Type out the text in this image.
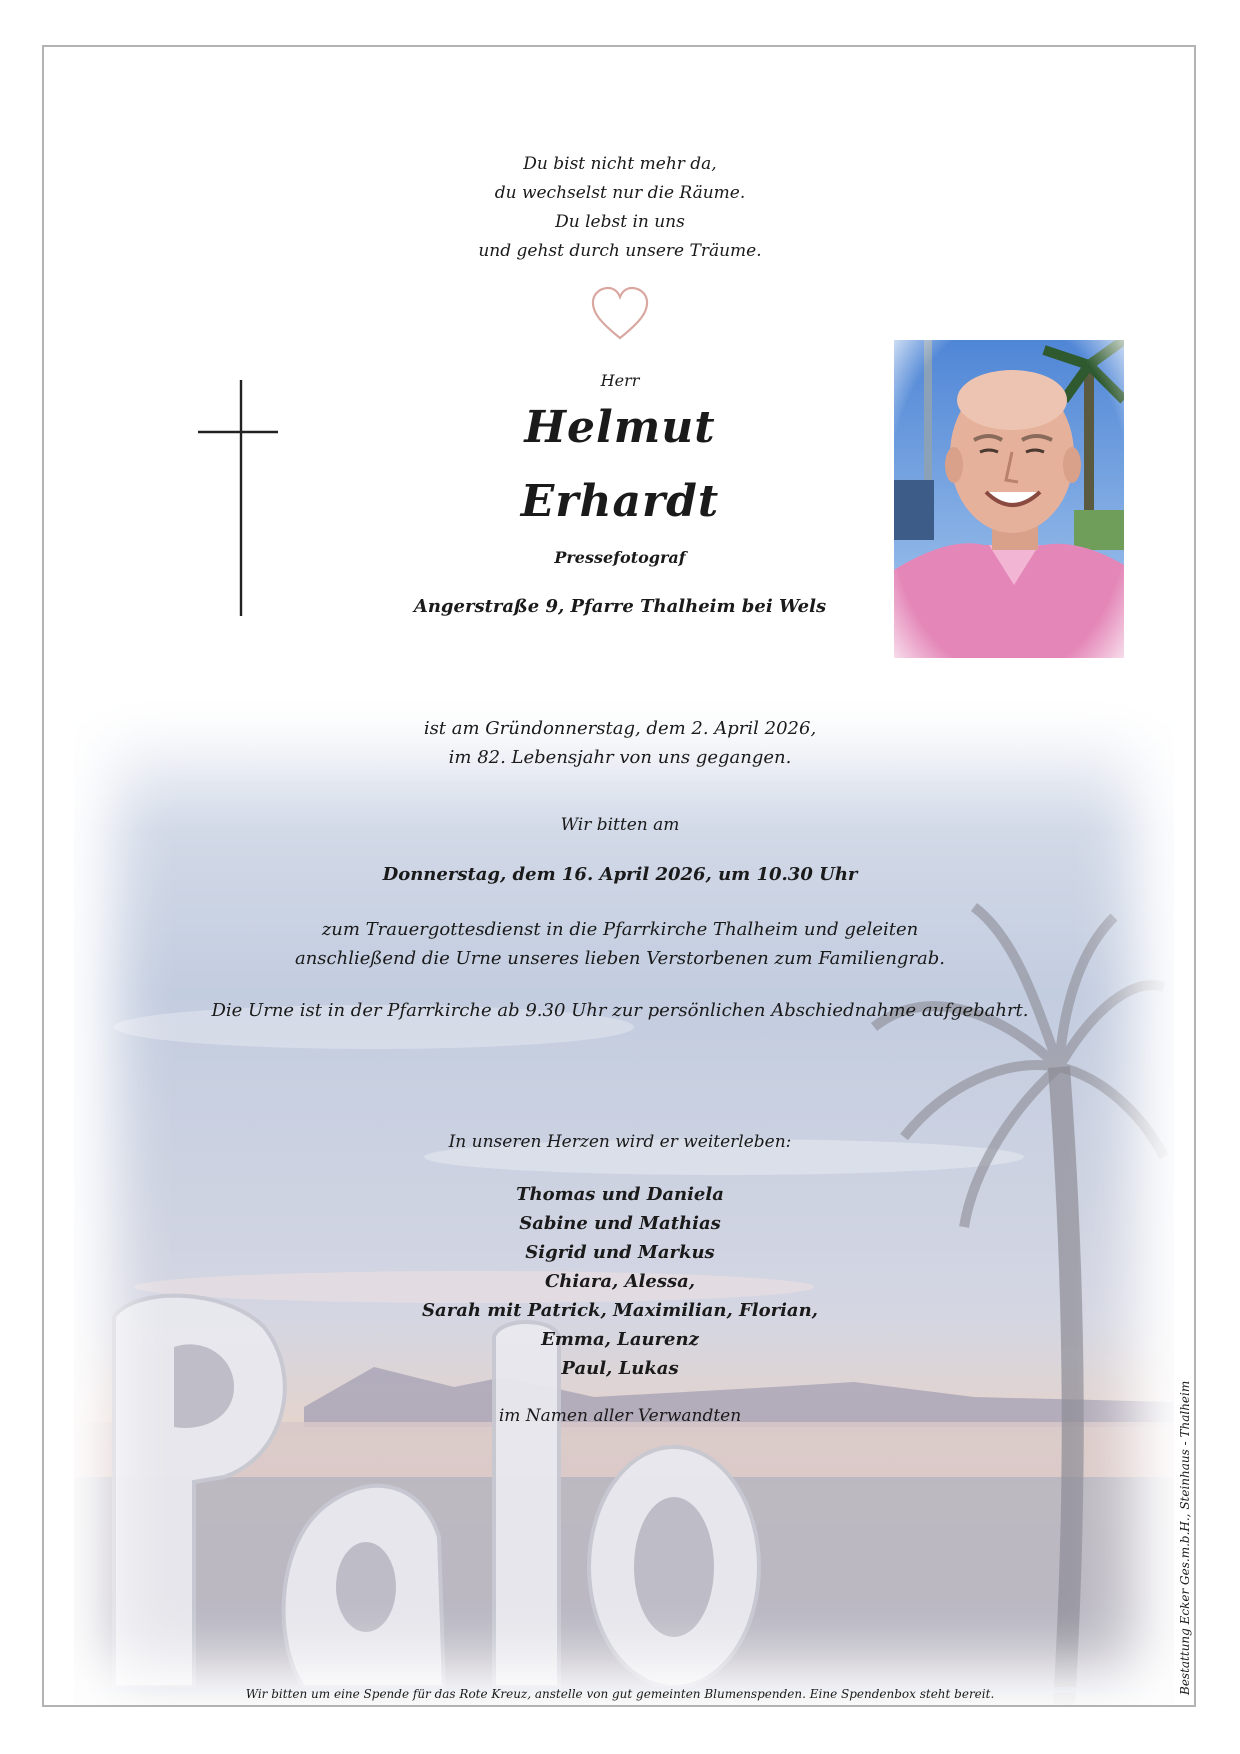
Du bist nicht mehr da,
du wechselst nur die Räume.
Du lebst in uns
und gehst durch unsere Träume.
Herr
Helmut
Erhardt
Pressefotograf
Angerstraße 9, Pfarre Thalheim bei Wels
ist am Gründonnerstag, dem 2. April 2026,
im 82. Lebensjahr von uns gegangen.
Wir bitten am
Donnerstag, dem 16. April 2026, um 10.30 Uhr
zum Trauergottesdienst in die Pfarrkirche Thalheim und geleiten
anschließend die Urne unseres lieben Verstorbenen zum Familiengrab.
Die Urne ist in der Pfarrkirche ab 9.30 Uhr zur persönlichen Abschiednahme aufgebahrt.
In unseren Herzen wird er weiterleben:
Thomas und Daniela
Sabine und Mathias
Sigrid und Markus
Chiara, Alessa,
Sarah mit Patrick, Maximilian, Florian,
Emma, Laurenz
Paul, Lukas
im Namen aller Verwandten
Wir bitten um eine Spende für das Rote Kreuz, anstelle von gut gemeinten Blumenspenden. Eine Spendenbox steht bereit.	Bestattung Ecker Ges.m.b.H., Steinhaus - Thalheim
